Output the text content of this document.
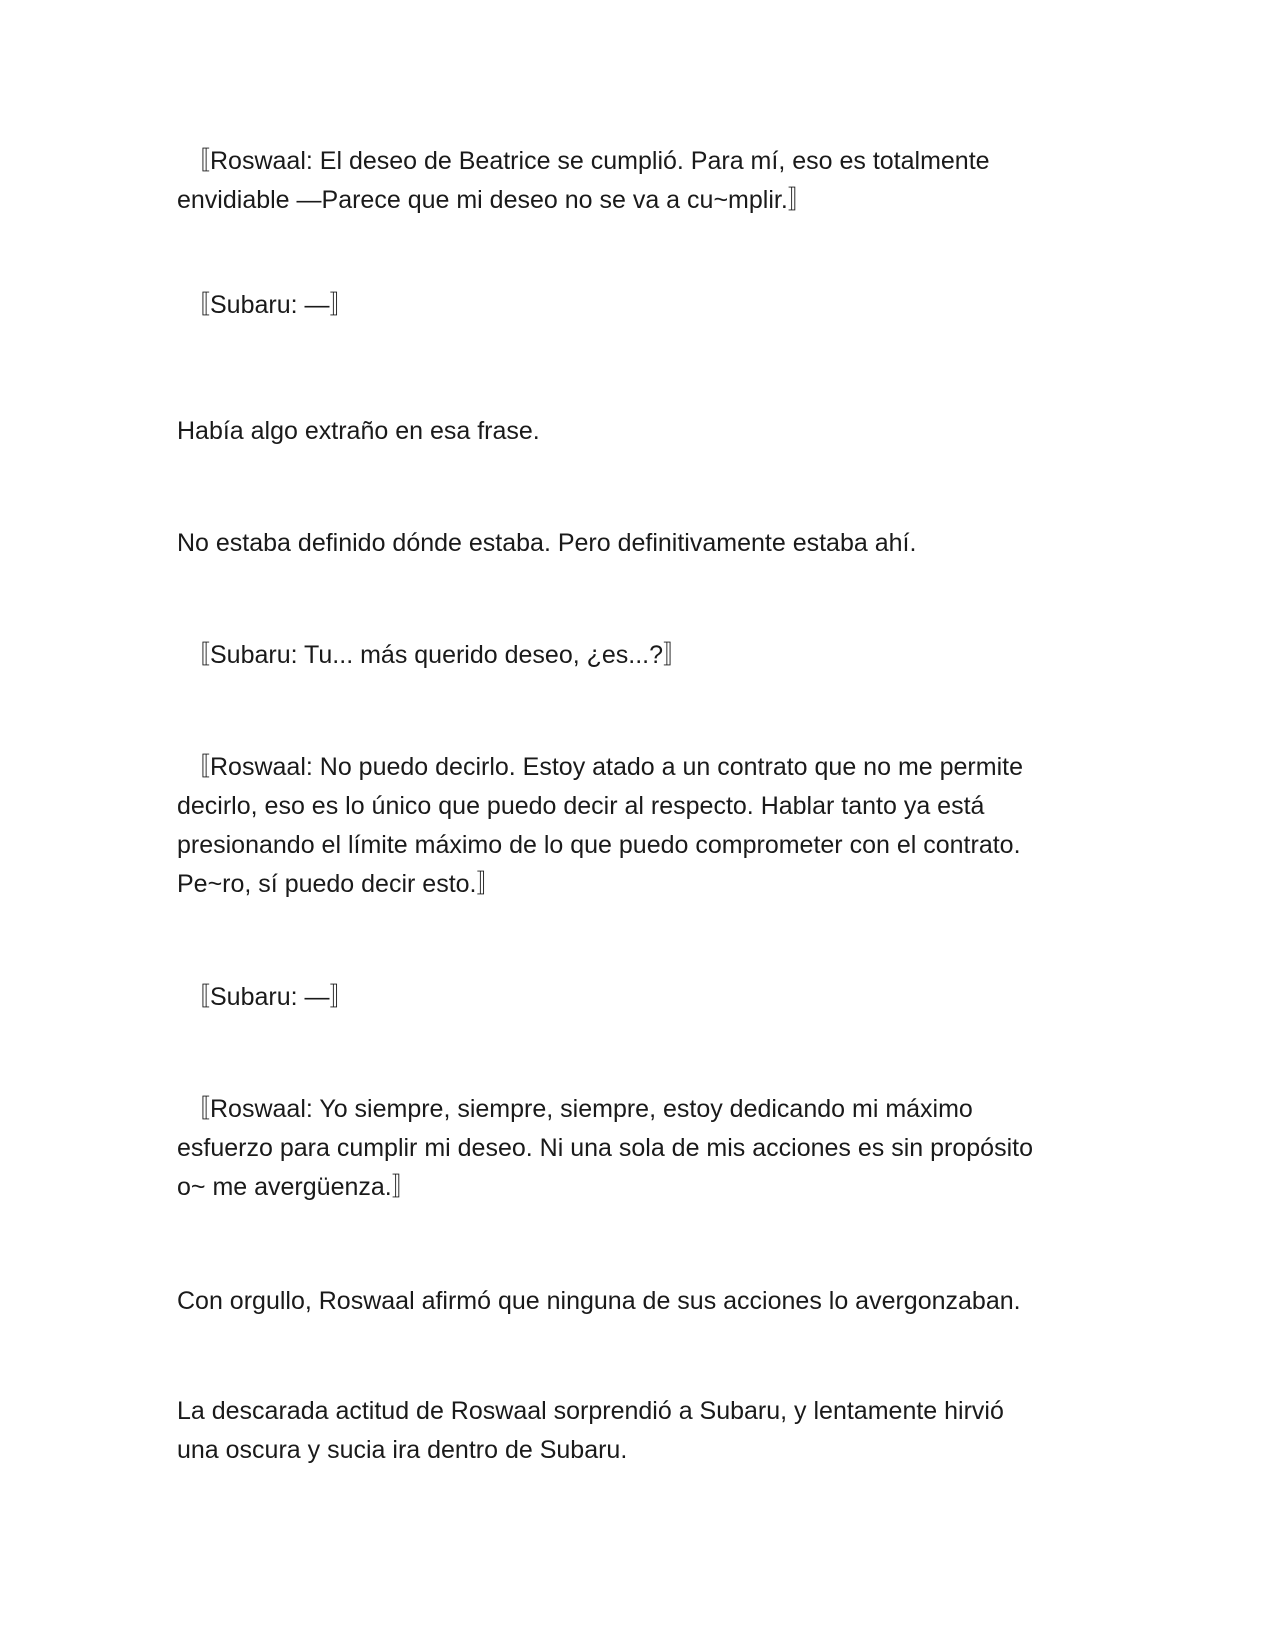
〚Roswaal: El deseo de Beatrice se cumplió. Para mí, eso es totalmente
envidiable —Parece que mi deseo no se va a cu~mplir.〛

〚Subaru: —〛

Había algo extraño en esa frase.

No estaba definido dónde estaba. Pero definitivamente estaba ahí.

〚Subaru: Tu... más querido deseo, ¿es...?〛

〚Roswaal: No puedo decirlo. Estoy atado a un contrato que no me permite
decirlo, eso es lo único que puedo decir al respecto. Hablar tanto ya está
presionando el límite máximo de lo que puedo comprometer con el contrato.
Pe~ro, sí puedo decir esto.〛

〚Subaru: —〛

〚Roswaal: Yo siempre, siempre, siempre, estoy dedicando mi máximo
esfuerzo para cumplir mi deseo. Ni una sola de mis acciones es sin propósito
o~ me avergüenza.〛

Con orgullo, Roswaal afirmó que ninguna de sus acciones lo avergonzaban.

La descarada actitud de Roswaal sorprendió a Subaru, y lentamente hirvió
una oscura y sucia ira dentro de Subaru.
